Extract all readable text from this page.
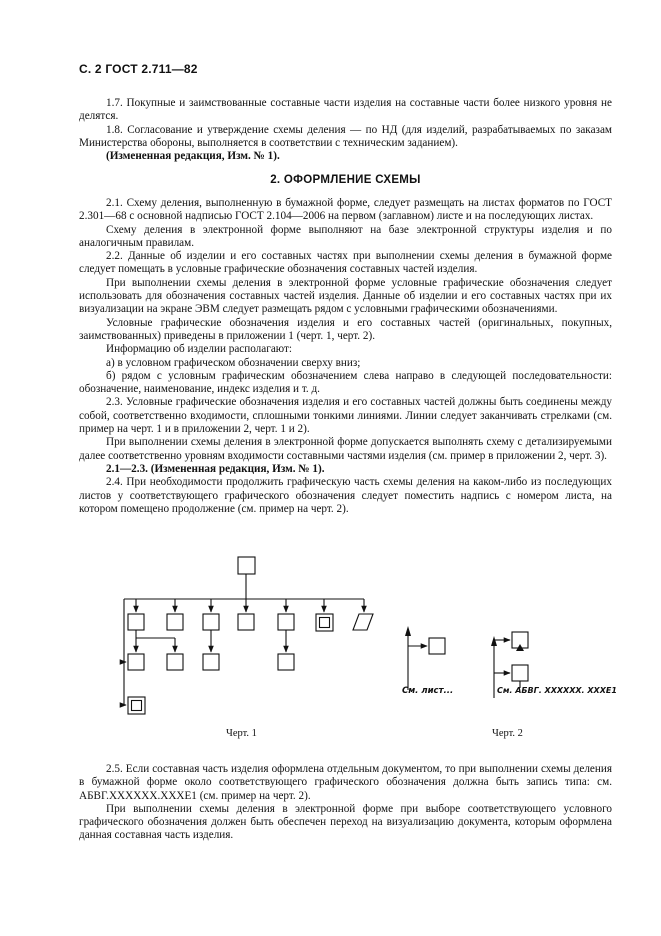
С. 2 ГОСТ 2.711—82

1.7. Покупные и заимствованные составные части изделия на составные части более низкого уровня не делятся.

1.8. Согласование и утверждение схемы деления — по НД (для изделий, разрабатываемых по заказам Министерства обороны, выполняется в соответствии с техническим заданием).

(Измененная редакция, Изм. № 1).

2. ОФОРМЛЕНИЕ СХЕМЫ

2.1. Схему деления, выполненную в бумажной форме, следует размещать на листах форматов по ГОСТ 2.301—68 с основной надписью ГОСТ 2.104—2006 на первом (заглавном) листе и на последующих листах.

Схему деления в электронной форме выполняют на базе электронной структуры изделия и по аналогичным правилам.

2.2. Данные об изделии и его составных частях при выполнении схемы деления в бумажной форме следует помещать в условные графические обозначения составных частей изделия.

При выполнении схемы деления в электронной форме условные графические обозначения следует использовать для обозначения составных частей изделия. Данные об изделии и его составных частях при их визуализации на экране ЭВМ следует размещать рядом с условными графическими обозначениями.

Условные графические обозначения изделия и его составных частей (оригинальных, покупных, заимствованных) приведены в приложении 1 (черт. 1, черт. 2).

Информацию об изделии располагают:

а) в условном графическом обозначении сверху вниз;

б) рядом с условным графическим обозначением слева направо в следующей последовательности: обозначение, наименование, индекс изделия и т. д.

2.3. Условные графические обозначения изделия и его составных частей должны быть соединены между собой, соответственно входимости, сплошными тонкими линиями. Линии следует заканчивать стрелками (см. пример на черт. 1 и в приложении 2, черт. 1 и 2).

При выполнении схемы деления в электронной форме допускается выполнять схему с детализируемыми далее соответственно уровням входимости составными частями изделия (см. пример в приложении 2, черт. 3).

2.1—2.3. (Измененная редакция, Изм. № 1).

2.4. При необходимости продолжить графическую часть схемы деления на каком-либо из последующих листов у соответствующего графического обозначения следует поместить надпись с номером листа, на котором помещено продолжение (см. пример на черт. 2).

См. лист...	См. АБВГ. ХХХХХХ. ХХХЕ1
Черт. 1	Черт. 2

2.5. Если составная часть изделия оформлена отдельным документом, то при выполнении схемы деления в бумажной форме около соответствующего графического обозначения должна быть запись типа: см. АБВГ.ХХХХХХ.ХХХЕ1 (см. пример на черт. 2).

При выполнении схемы деления в электронной форме при выборе соответствующего условного графического обозначения должен быть обеспечен переход на визуализацию документа, которым оформлена данная составная часть изделия.
